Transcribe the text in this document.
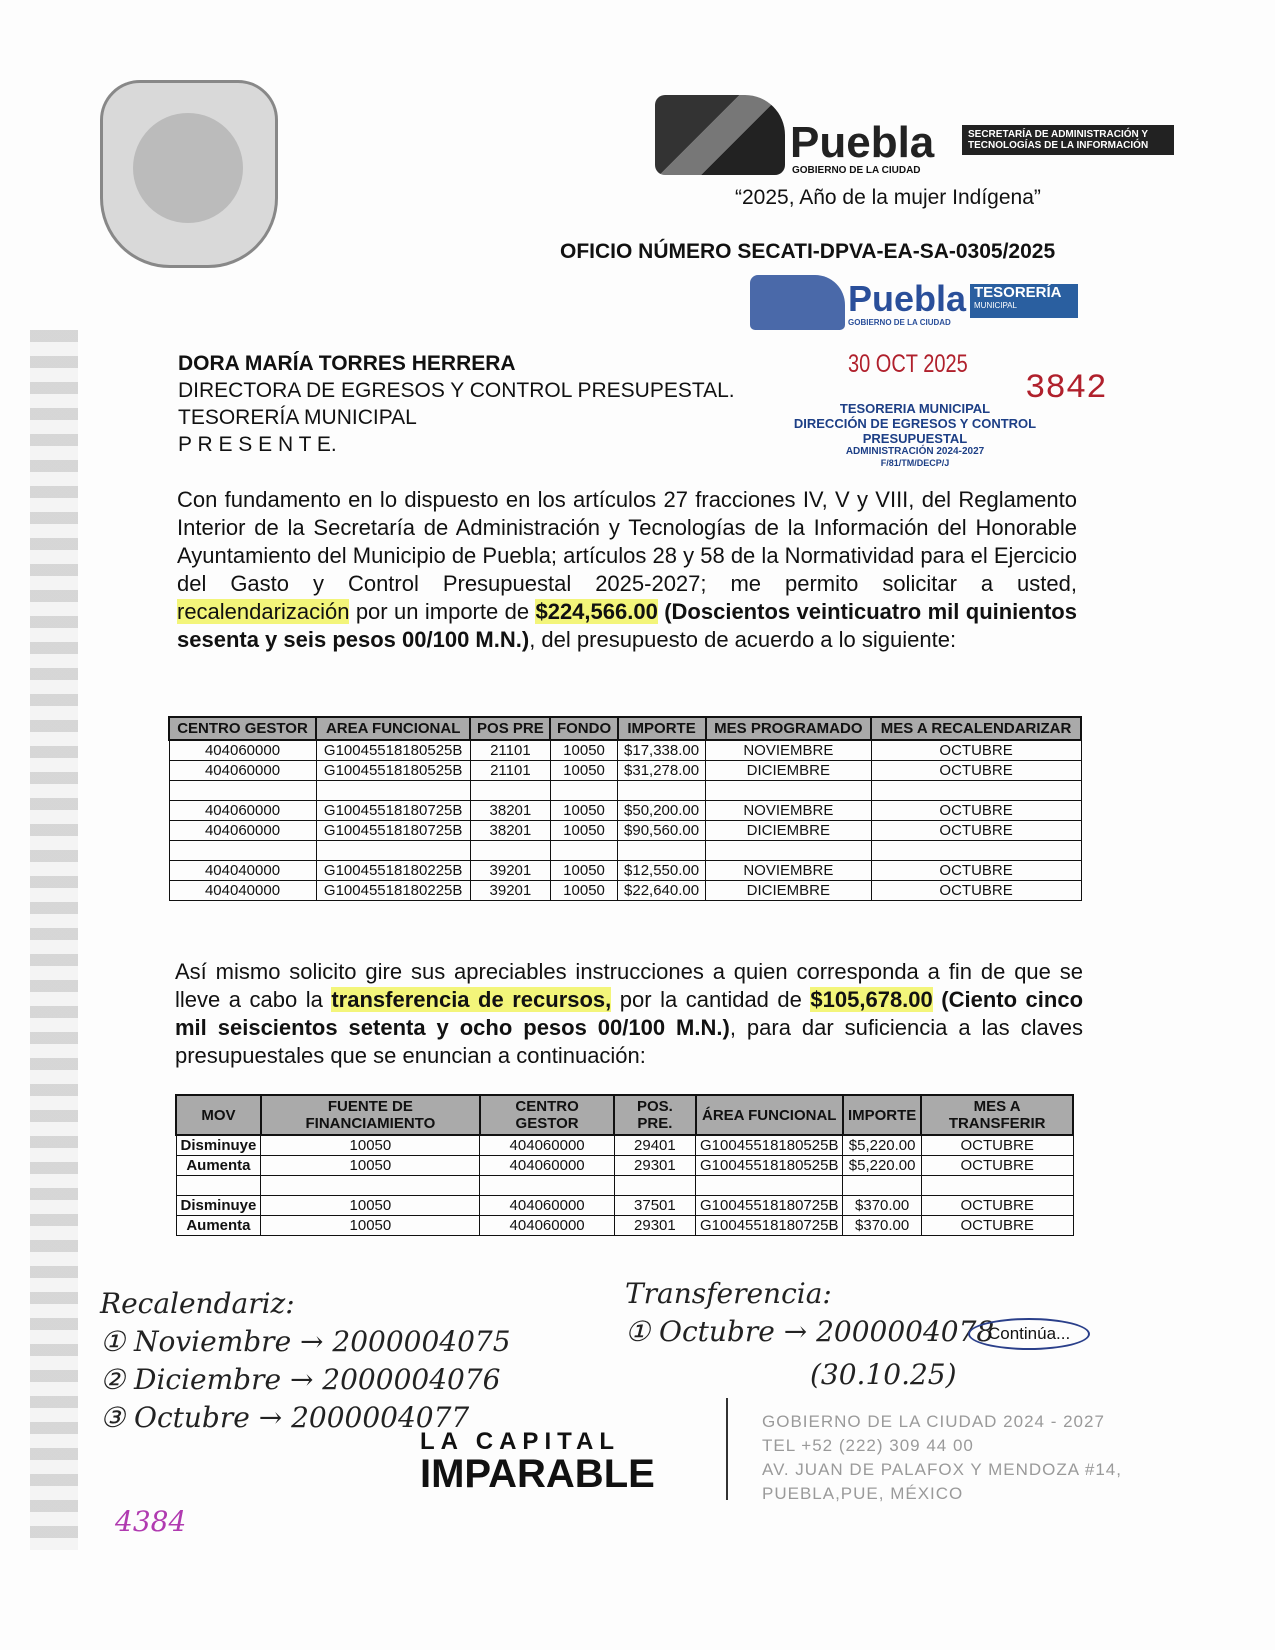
Puebla
GOBIERNO DE LA CIUDAD
SECRETARÍA DE ADMINISTRACIÓN Y TECNOLOGÍAS DE LA INFORMACIÓN
“2025, Año de la mujer Indígena”
OFICIO NÚMERO SECATI-DPVA-EA-SA-0305/2025
Puebla
GOBIERNO DE LA CIUDAD
TESORERÍA
MUNICIPAL
30 OCT 2025
3842
TESORERIA MUNICIPAL
DIRECCIÓN DE EGRESOS Y CONTROL
PRESUPUESTAL
ADMINISTRACIÓN 2024-2027
F/81/TM/DECP/J
DORA MARÍA TORRES HERRERA
DIRECTORA DE EGRESOS Y CONTROL PRESUPESTAL.
TESORERÍA MUNICIPAL
P R E S E N T E.
Con fundamento en lo dispuesto en los artículos 27 fracciones IV, V y VIII, del Reglamento Interior de la Secretaría de Administración y Tecnologías de la Información del Honorable Ayuntamiento del Municipio de Puebla; artículos 28 y 58 de la Normatividad para el Ejercicio del Gasto y Control Presupuestal 2025-2027; me permito solicitar a usted, recalendarización por un importe de $224,566.00 (Doscientos veinticuatro mil quinientos sesenta y seis pesos 00/100 M.N.), del presupuesto de acuerdo a lo siguiente:
CENTRO GESTOR	AREA FUNCIONAL	POS PRE	FONDO	IMPORTE	MES PROGRAMADO	MES A RECALENDARIZAR
404060000	G10045518180525B	21101	10050	$17,338.00	NOVIEMBRE	OCTUBRE
404060000	G10045518180525B	21101	10050	$31,278.00	DICIEMBRE	OCTUBRE

404060000	G10045518180725B	38201	10050	$50,200.00	NOVIEMBRE	OCTUBRE
404060000	G10045518180725B	38201	10050	$90,560.00	DICIEMBRE	OCTUBRE

404040000	G10045518180225B	39201	10050	$12,550.00	NOVIEMBRE	OCTUBRE
404040000	G10045518180225B	39201	10050	$22,640.00	DICIEMBRE	OCTUBRE
Así mismo solicito gire sus apreciables instrucciones a quien corresponda a fin de que se lleve a cabo la transferencia de recursos, por la cantidad de $105,678.00 (Ciento cinco mil seiscientos setenta y ocho pesos 00/100 M.N.), para dar suficiencia a las claves presupuestales que se enuncian a continuación:
MOV	FUENTE DE FINANCIAMIENTO	CENTRO GESTOR	POS. PRE.	ÁREA FUNCIONAL	IMPORTE	MES A TRANSFERIR
Disminuye	10050	404060000	29401	G10045518180525B	$5,220.00	OCTUBRE
Aumenta	10050	404060000	29301	G10045518180525B	$5,220.00	OCTUBRE

Disminuye	10050	404060000	37501	G10045518180725B	$370.00	OCTUBRE
Aumenta	10050	404060000	29301	G10045518180725B	$370.00	OCTUBRE
Recalendariz:
① Noviembre → 2000004075
② Diciembre → 2000004076
③ Octubre → 2000004077
Transferencia:
① Octubre → 2000004078
Continúa...
(30.10.25)
4384
LA CAPITAL
IMPARABLE
GOBIERNO DE LA CIUDAD 2024 - 2027
TEL +52 (222) 309 44 00
AV. JUAN DE PALAFOX Y MENDOZA #14,
PUEBLA,PUE, MÉXICO
